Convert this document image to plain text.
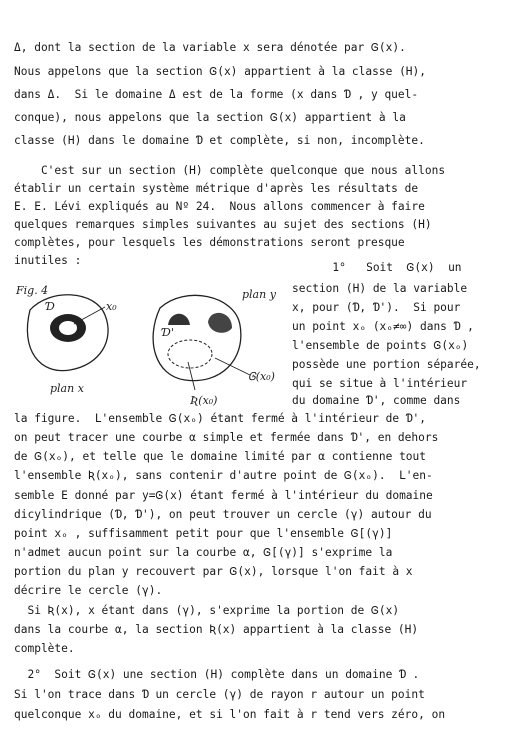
Δ, dont la section de la variable x sera dénotée par Ꮆ(x).
Nous appelons que la section Ꮆ(x) appartient à la classe (H),
dans Δ.  Si le domaine Δ est de la forme (x dans Ɗ , y quel-
conque), nous appelons que la section Ꮆ(x) appartient à la
classe (H) dans le domaine Ɗ et complète, si non, incomplète.
C'est sur un section (H) complète quelconque que nous allons
établir un certain système métrique d'après les résultats de
E. E. Lévi expliqués au Nº 24.  Nous allons commencer à faire
quelques remarques simples suivantes au sujet des sections (H)
complètes, pour lesquels les démonstrations seront presque
inutiles :
Fig. 4
Ɗ	x₀
plan x
Ɗ'
plan y
Ꮆ(x₀)
Ʀ(x₀)
1°   Soit  Ꮆ(x)  un
section (H) de la variable
x, pour (Ɗ, Ɗ').  Si pour
un point xₒ (xₒ≠∞) dans Ɗ ,
l'ensemble de points Ꮆ(xₒ)
possède une portion séparée,
qui se situe à l'intérieur
du domaine Ɗ', comme dans
la figure.  L'ensemble Ꮆ(xₒ) étant fermé à l'intérieur de Ɗ',
on peut tracer une courbe α simple et fermée dans Ɗ', en dehors
de Ꮆ(xₒ), et telle que le domaine limité par α contienne tout
l'ensemble Ʀ(xₒ), sans contenir d'autre point de Ꮆ(xₒ).  L'en-
semble E donné par y=Ꮆ(x) étant fermé à l'intérieur du domaine
dicylindrique (Ɗ, Ɗ'), on peut trouver un cercle (γ) autour du
point xₒ , suffisamment petit pour que l'ensemble Ꮆ[(γ)]
n'admet aucun point sur la courbe α, Ꮆ[(γ)] s'exprime la
portion du plan y recouvert par Ꮆ(x), lorsque l'on fait à x
décrire le cercle (γ).
Si Ʀ(x), x étant dans (γ), s'exprime la portion de Ꮆ(x)
dans la courbe α, la section Ʀ(x) appartient à la classe (H)
complète.
2°  Soit Ꮆ(x) une section (H) complète dans un domaine Ɗ .
Si l'on trace dans Ɗ un cercle (γ) de rayon r autour un point
quelconque xₒ du domaine, et si l'on fait à r tend vers zéro, on
